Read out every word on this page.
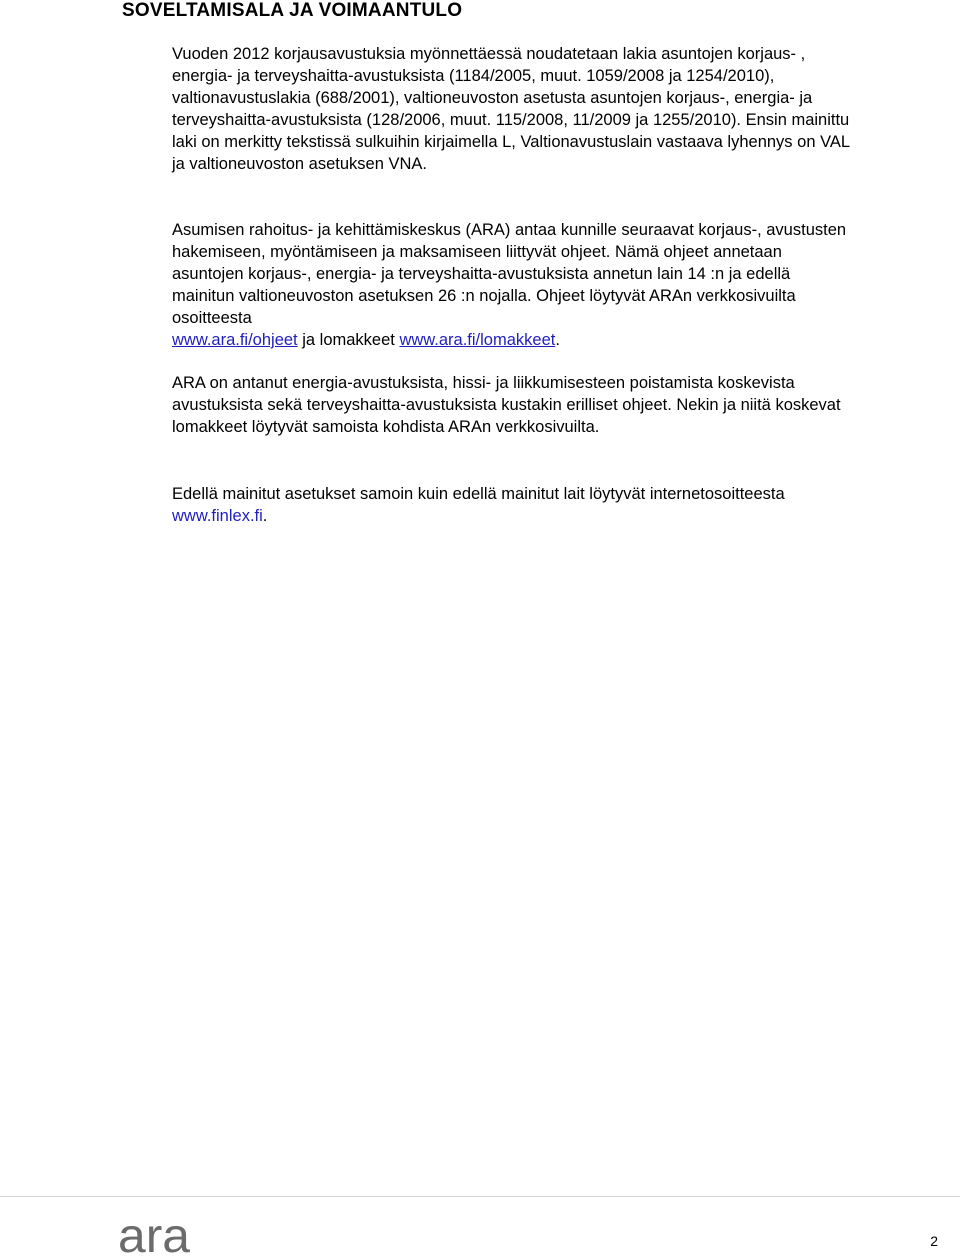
SOVELTAMISALA JA VOIMAANTULO

Vuoden 2012 korjausavustuksia myönnettäessä noudatetaan lakia asuntojen korjaus- , energia- ja terveyshaitta-avustuksista (1184/2005, muut. 1059/2008 ja 1254/2010), valtionavustuslakia (688/2001), valtioneuvoston asetusta asuntojen korjaus-, energia- ja terveyshaitta-avustuksista (128/2006, muut. 115/2008, 11/2009 ja 1255/2010). Ensin mainittu laki on merkitty tekstissä sulkuihin kirjaimella L, Valtionavustuslain vastaava lyhennys on VAL ja valtioneuvoston asetuksen VNA.

Asumisen rahoitus- ja kehittämiskeskus (ARA) antaa kunnille seuraavat korjaus-, avustusten hakemiseen, myöntämiseen ja maksamiseen liittyvät ohjeet. Nämä ohjeet annetaan asuntojen korjaus-, energia- ja terveyshaitta-avustuksista annetun lain 14 :n ja edellä mainitun valtioneuvoston asetuksen 26 :n nojalla. Ohjeet löytyvät ARAn verkkosivuilta osoitteesta
www.ara.fi/ohjeet ja lomakkeet www.ara.fi/lomakkeet.

ARA on antanut energia-avustuksista, hissi- ja liikkumisesteen poistamista koskevista avustuksista sekä terveyshaitta-avustuksista kustakin erilliset ohjeet. Nekin ja niitä koskevat lomakkeet löytyvät samoista kohdista ARAn verkkosivuilta.

Edellä mainitut asetukset samoin kuin edellä mainitut lait löytyvät internetosoitteesta www.finlex.fi.

ara	2
